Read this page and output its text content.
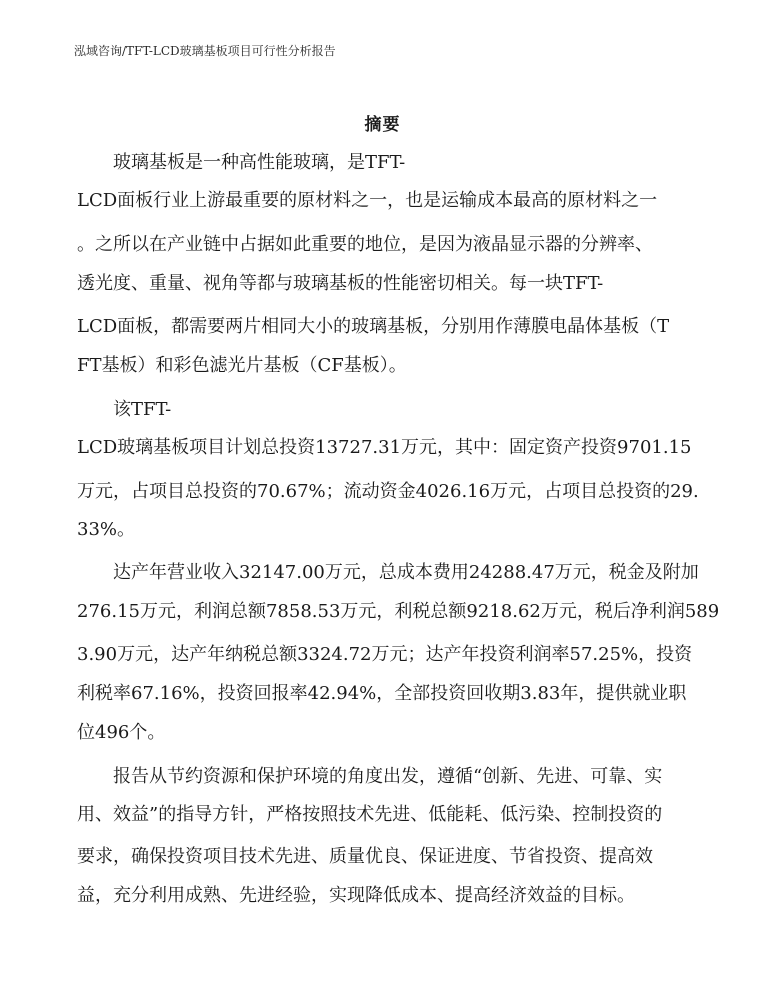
泓域咨询/TFT-LCD玻璃基板项目可行性分析报告
摘要
玻璃基板是一种高性能玻璃，是TFT-
LCD面板行业上游最重要的原材料之一，也是运输成本最高的原材料之一
。之所以在产业链中占据如此重要的地位，是因为液晶显示器的分辨率、
透光度、重量、视角等都与玻璃基板的性能密切相关。每一块TFT-
LCD面板，都需要两片相同大小的玻璃基板，分别用作薄膜电晶体基板（T
FT基板）和彩色滤光片基板（CF基板）。
该TFT-
LCD玻璃基板项目计划总投资13727.31万元，其中：固定资产投资9701.15
万元，占项目总投资的70.67%；流动资金4026.16万元，占项目总投资的29.
33%。
达产年营业收入32147.00万元，总成本费用24288.47万元，税金及附加
276.15万元，利润总额7858.53万元，利税总额9218.62万元，税后净利润589
3.90万元，达产年纳税总额3324.72万元；达产年投资利润率57.25%，投资
利税率67.16%，投资回报率42.94%，全部投资回收期3.83年，提供就业职
位496个。
报告从节约资源和保护环境的角度出发，遵循“创新、先进、可靠、实
用、效益”的指导方针，严格按照技术先进、低能耗、低污染、控制投资的
要求，确保投资项目技术先进、质量优良、保证进度、节省投资、提高效
益，充分利用成熟、先进经验，实现降低成本、提高经济效益的目标。
